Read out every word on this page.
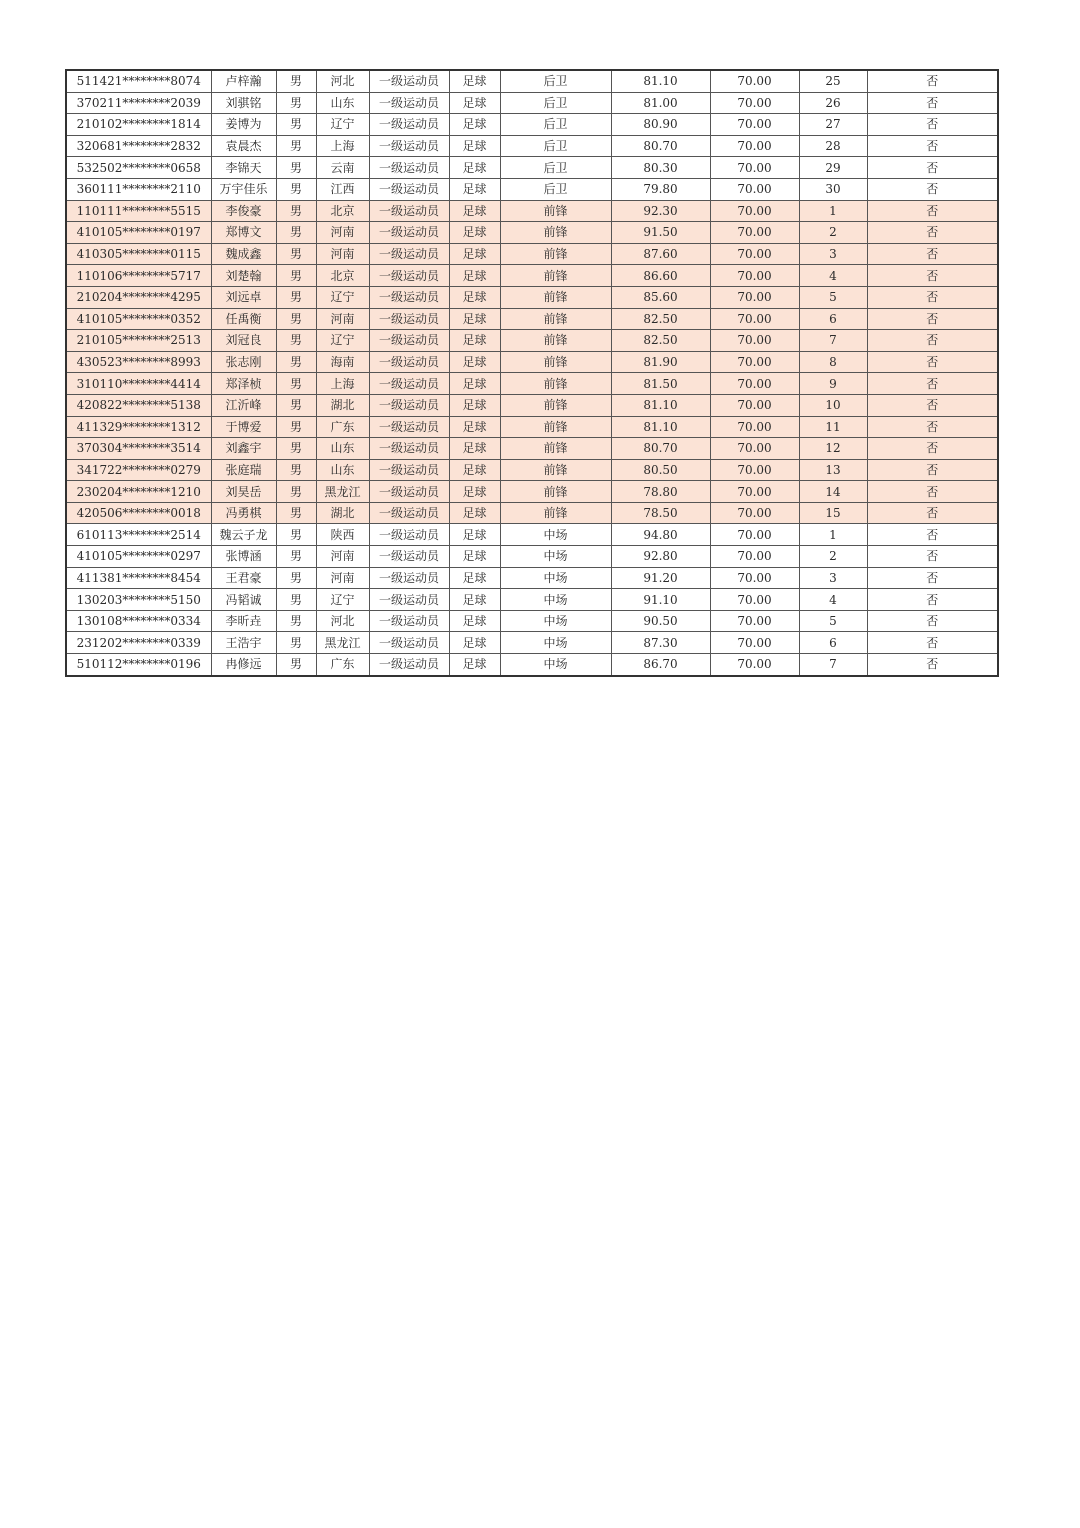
511421********8074	卢梓瀚	男	河北	一级运动员	足球	后卫	81.10	70.00	25	否
370211********2039	刘骐铭	男	山东	一级运动员	足球	后卫	81.00	70.00	26	否
210102********1814	姜博为	男	辽宁	一级运动员	足球	后卫	80.90	70.00	27	否
320681********2832	袁晨杰	男	上海	一级运动员	足球	后卫	80.70	70.00	28	否
532502********0658	李锦天	男	云南	一级运动员	足球	后卫	80.30	70.00	29	否
360111********2110	万宇佳乐	男	江西	一级运动员	足球	后卫	79.80	70.00	30	否
110111********5515	李俊豪	男	北京	一级运动员	足球	前锋	92.30	70.00	1	否
410105********0197	郑博文	男	河南	一级运动员	足球	前锋	91.50	70.00	2	否
410305********0115	魏成鑫	男	河南	一级运动员	足球	前锋	87.60	70.00	3	否
110106********5717	刘楚翰	男	北京	一级运动员	足球	前锋	86.60	70.00	4	否
210204********4295	刘远卓	男	辽宁	一级运动员	足球	前锋	85.60	70.00	5	否
410105********0352	任禹衡	男	河南	一级运动员	足球	前锋	82.50	70.00	6	否
210105********2513	刘冠良	男	辽宁	一级运动员	足球	前锋	82.50	70.00	7	否
430523********8993	张志刚	男	海南	一级运动员	足球	前锋	81.90	70.00	8	否
310110********4414	郑泽桢	男	上海	一级运动员	足球	前锋	81.50	70.00	9	否
420822********5138	江沂峰	男	湖北	一级运动员	足球	前锋	81.10	70.00	10	否
411329********1312	于博爱	男	广东	一级运动员	足球	前锋	81.10	70.00	11	否
370304********3514	刘鑫宇	男	山东	一级运动员	足球	前锋	80.70	70.00	12	否
341722********0279	张庭瑞	男	山东	一级运动员	足球	前锋	80.50	70.00	13	否
230204********1210	刘昊岳	男	黑龙江	一级运动员	足球	前锋	78.80	70.00	14	否
420506********0018	冯勇棋	男	湖北	一级运动员	足球	前锋	78.50	70.00	15	否
610113********2514	魏云子龙	男	陕西	一级运动员	足球	中场	94.80	70.00	1	否
410105********0297	张博涵	男	河南	一级运动员	足球	中场	92.80	70.00	2	否
411381********8454	王君豪	男	河南	一级运动员	足球	中场	91.20	70.00	3	否
130203********5150	冯韬诚	男	辽宁	一级运动员	足球	中场	91.10	70.00	4	否
130108********0334	李昕垚	男	河北	一级运动员	足球	中场	90.50	70.00	5	否
231202********0339	王浩宇	男	黑龙江	一级运动员	足球	中场	87.30	70.00	6	否
510112********0196	冉修远	男	广东	一级运动员	足球	中场	86.70	70.00	7	否
